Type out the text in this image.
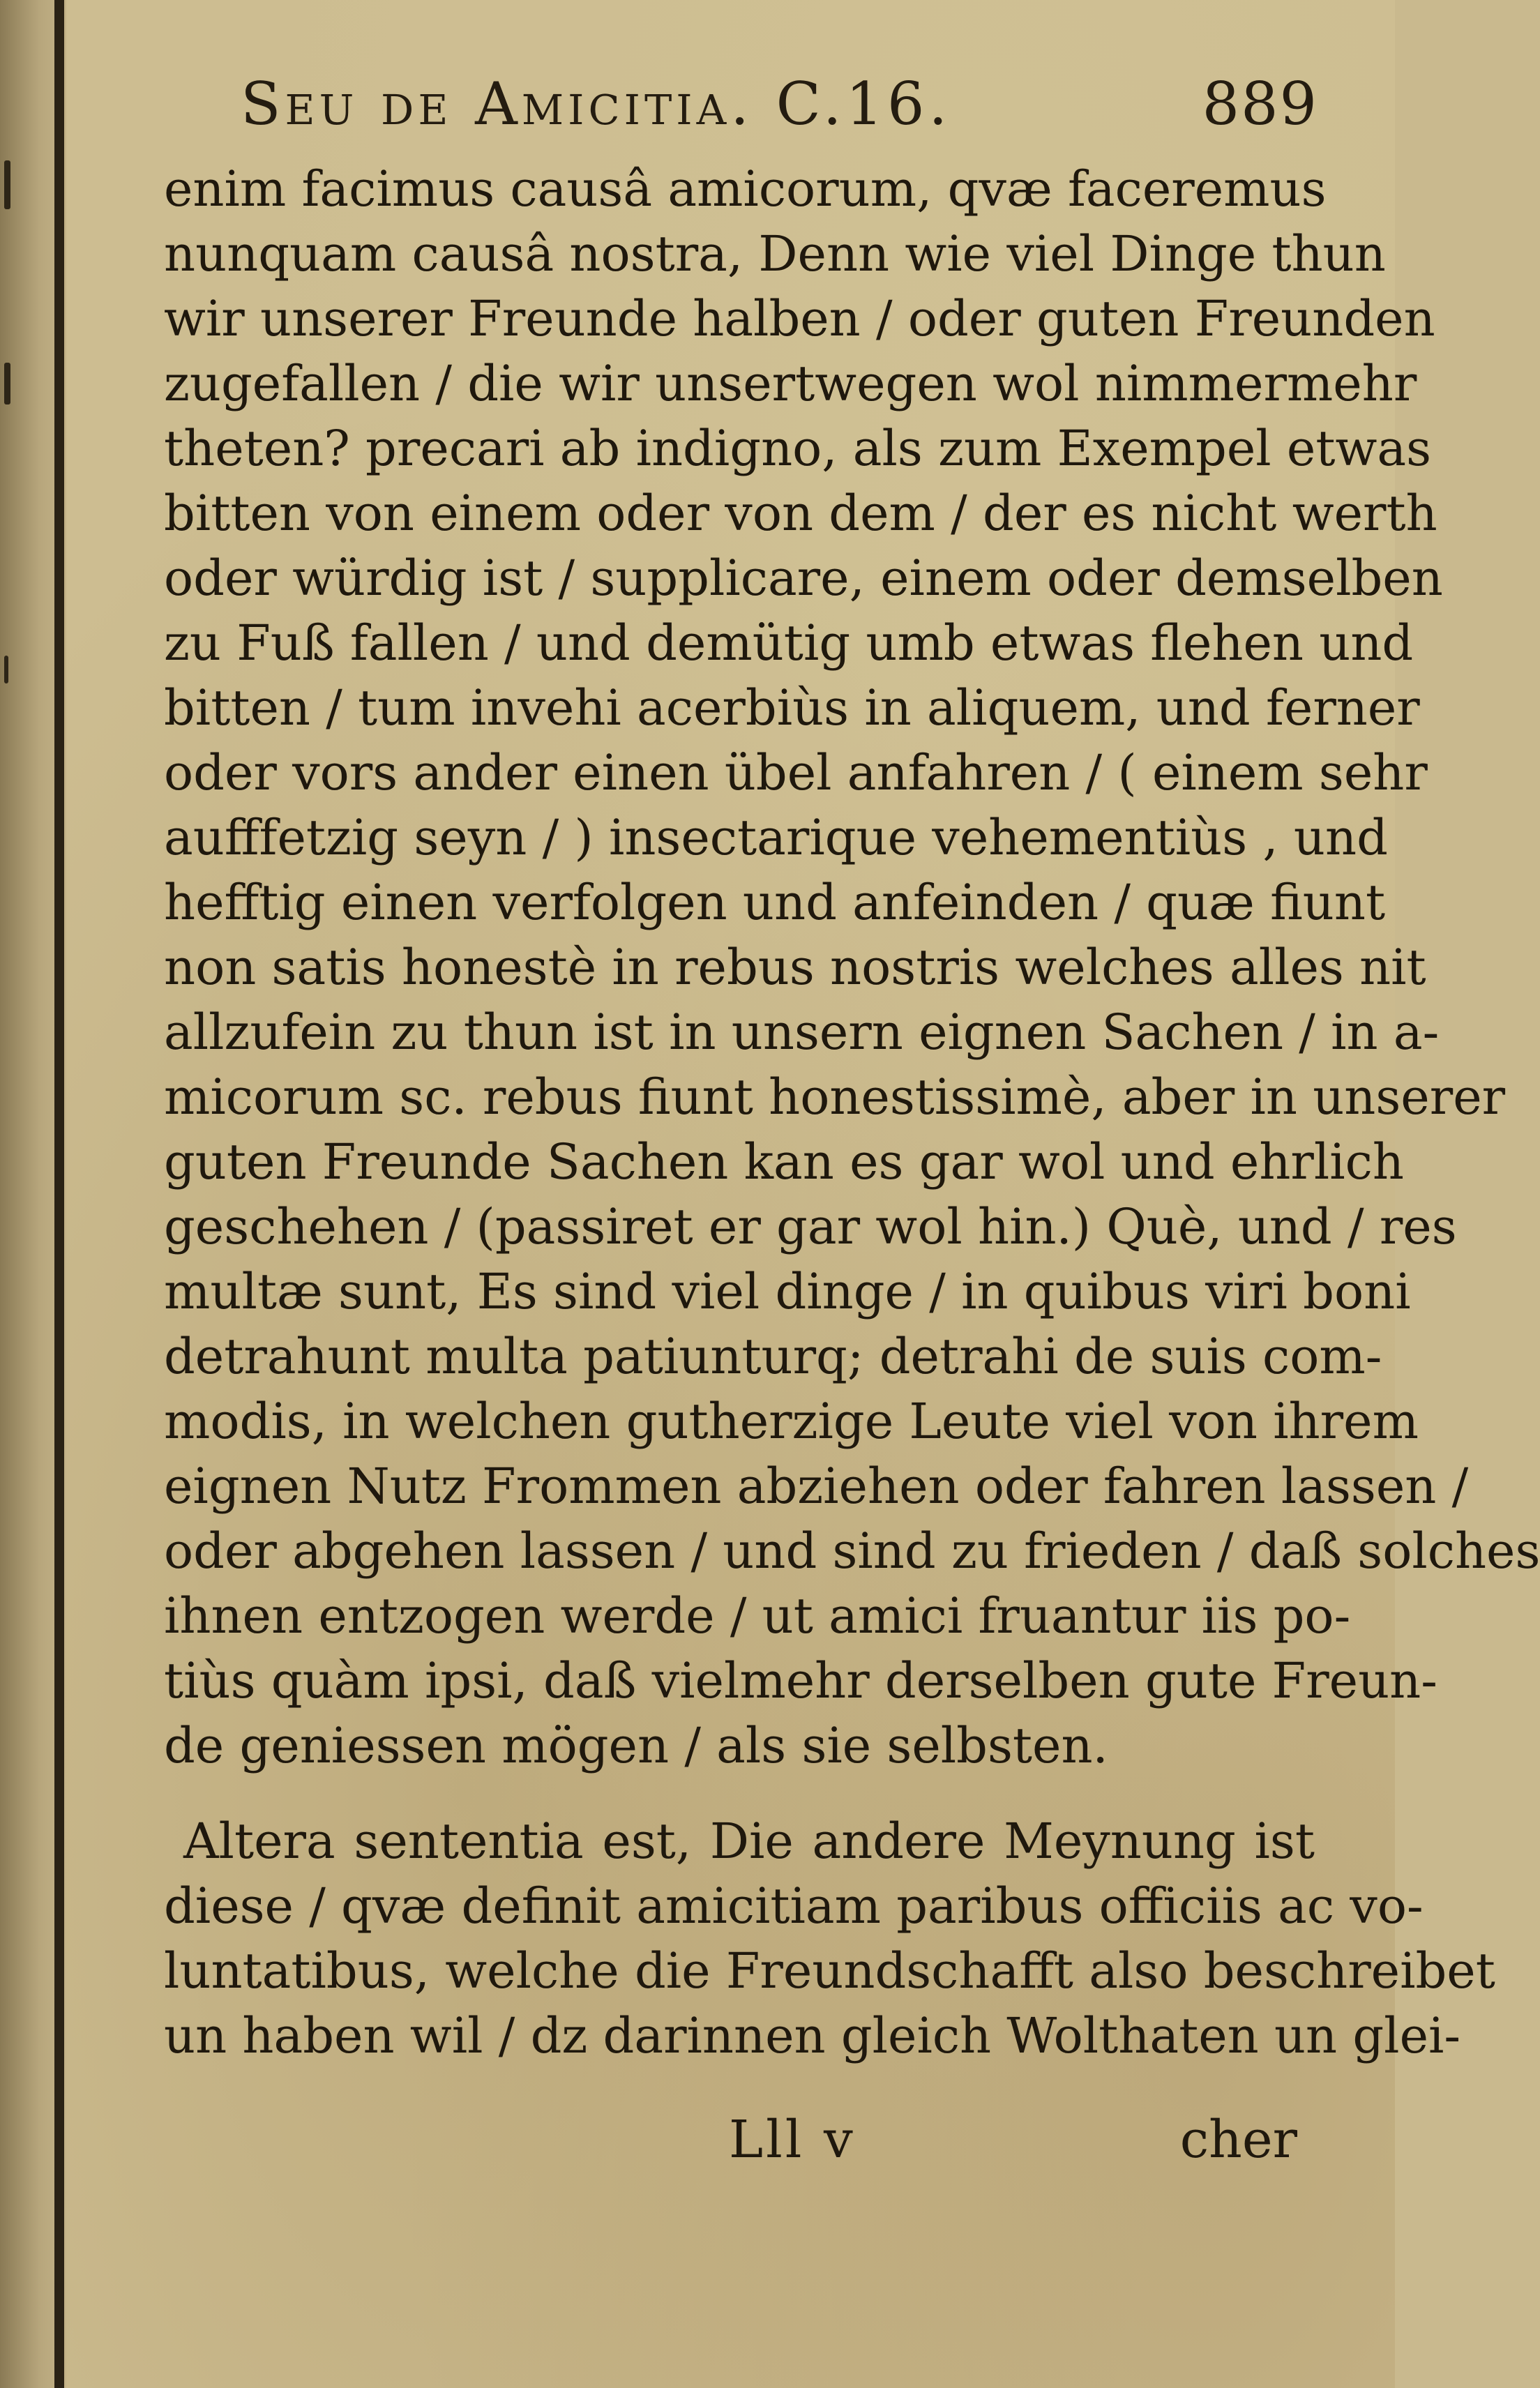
Seu de Amicitia. C.16.	889
enim facimus causâ amicorum, qvæ faceremus
nunquam causâ nostra, Denn wie viel Dinge thun
wir unserer Freunde halben / oder guten Freunden
zugefallen / die wir unsertwegen wol nimmermehr
theten? precari ab indigno, als zum Exempel etwas
bitten von einem oder von dem / der es nicht werth
oder würdig ist / supplicare, einem oder demselben
zu Fuß fallen / und demütig umb etwas flehen und
bitten / tum invehi acerbiùs in aliquem, und ferner
oder vors ander einen übel anfahren / ( einem sehr
aufffetzig seyn / ) insectarique vehementiùs , und
hefftig einen verfolgen und anfeinden / quæ fiunt
non satis honestè in rebus nostris welches alles nit
allzufein zu thun ist in unsern eignen Sachen / in a-
micorum sc. rebus fiunt honestissimè, aber in unserer
guten Freunde Sachen kan es gar wol und ehrlich
geschehen / (passiret er gar wol hin.) Què, und / res
multæ sunt, Es sind viel dinge / in quibus viri boni
detrahunt multa patiunturq; detrahi de suis com-
modis, in welchen gutherzige Leute viel von ihrem
eignen Nutz Frommen abziehen oder fahren lassen /
oder abgehen lassen / und sind zu frieden / daß solches
ihnen entzogen werde / ut amici fruantur iis po-
tiùs quàm ipsi, daß vielmehr derselben gute Freun-
de geniessen mögen / als sie selbsten.
Altera sententia est, Die andere Meynung ist
diese / qvæ definit amicitiam paribus officiis ac vo-
luntatibus, welche die Freundschafft also beschreibet
un haben wil / dz darinnen gleich Wolthaten un glei-
Lll v	cher
